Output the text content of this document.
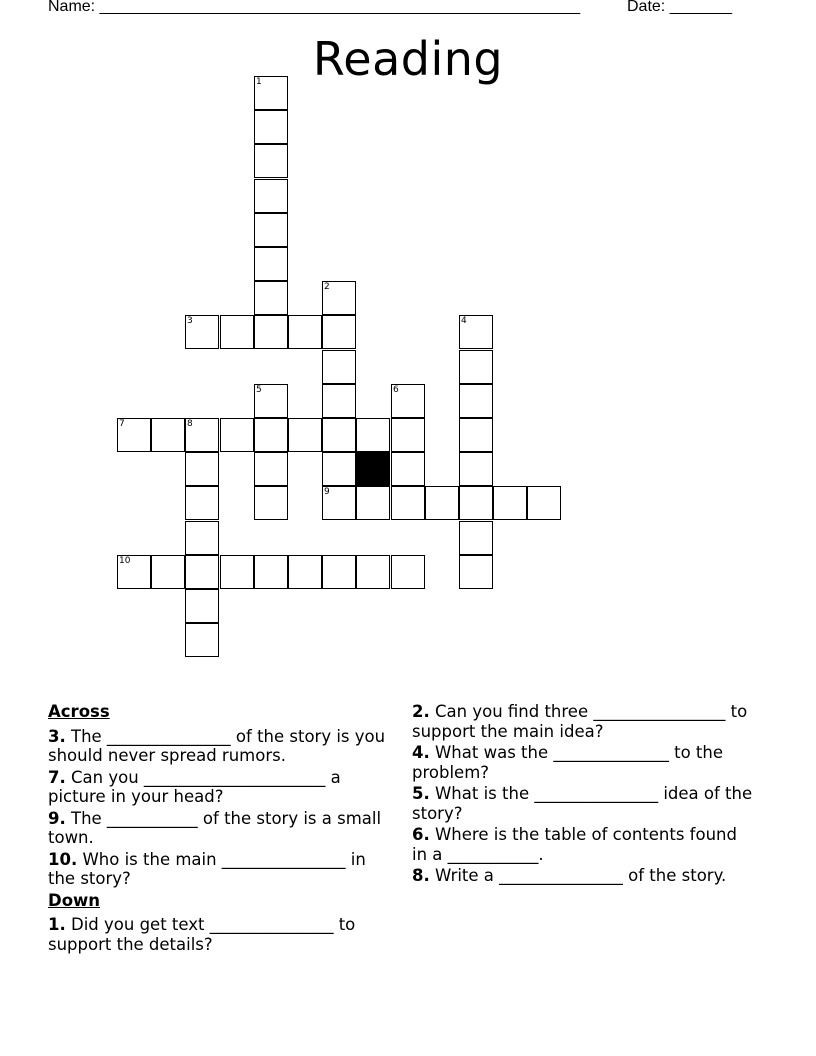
Name: ______________________________________________________	Date: _______
Reading
1
2
3	4
5	6
7	8
9
10
Across
3. The _______________ of the story is you should never spread rumors.
7. Can you ______________________ a picture in your head?
9. The ___________ of the story is a small town.
10. Who is the main _______________ in the story?
Down
1. Did you get text _______________ to support the details?
2. Can you find three ________________ to support the main idea?
4. What was the ______________ to the problem?
5. What is the _______________ idea of the story?
6. Where is the table of contents found in a ___________.
8. Write a _______________ of the story.
